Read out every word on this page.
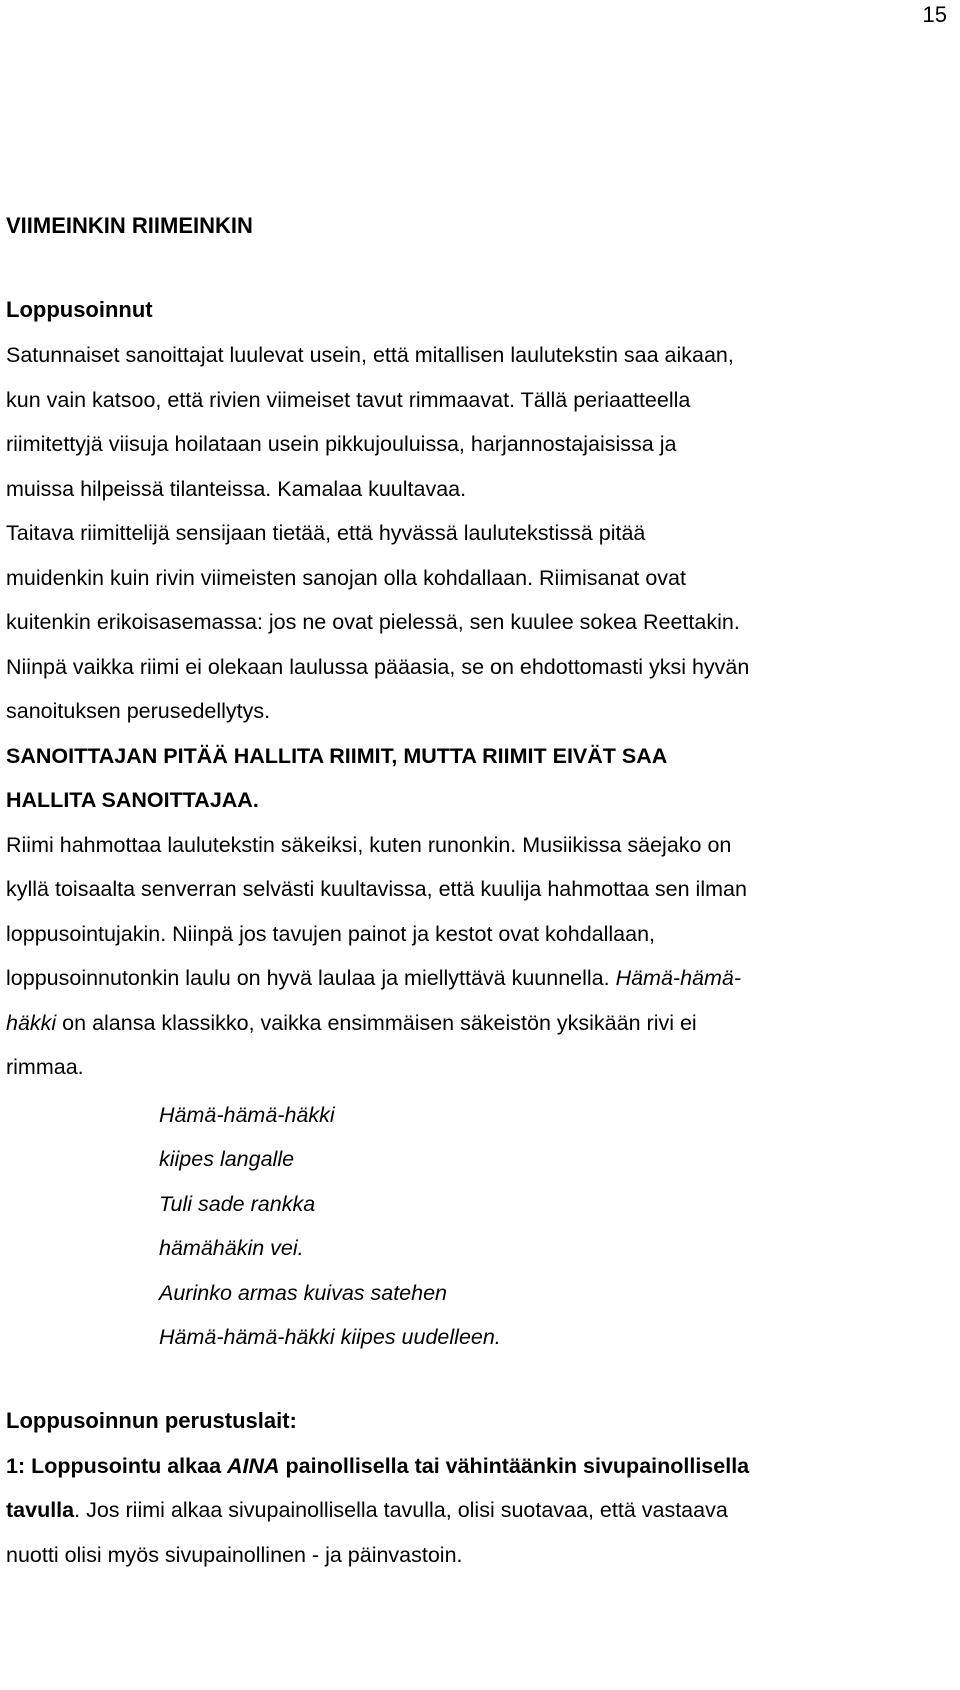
15
VIIMEINKIN RIIMEINKIN
Loppusoinnut

Satunnaiset sanoittajat luulevat usein, että mitallisen laulutekstin saa aikaan,
kun vain katsoo, että rivien viimeiset tavut rimmaavat. Tällä periaatteella
riimitettyjä viisuja hoilataan usein pikkujouluissa, harjannostajaisissa ja
muissa hilpeissä tilanteissa. Kamalaa kuultavaa.
Taitava riimittelijä sensijaan tietää, että hyvässä laulutekstissä pitää
muidenkin kuin rivin viimeisten sanojan olla kohdallaan. Riimisanat ovat
kuitenkin erikoisasemassa: jos ne ovat pielessä, sen kuulee sokea Reettakin.
Niinpä vaikka riimi ei olekaan laulussa pääasia, se on ehdottomasti yksi hyvän
sanoituksen perusedellytys.
SANOITTAJAN PITÄÄ HALLITA RIIMIT, MUTTA RIIMIT EIVÄT SAA
HALLITA SANOITTAJAA.
Riimi hahmottaa laulutekstin säkeiksi, kuten runonkin. Musiikissa säejako on
kyllä toisaalta senverran selvästi kuultavissa, että kuulija hahmottaa sen ilman
loppusointujakin. Niinpä jos tavujen painot ja kestot ovat kohdallaan,
loppusoinnutonkin laulu on hyvä laulaa ja miellyttävä kuunnella. Hämä-hämä-
häkki on alansa klassikko, vaikka ensimmäisen säkeistön yksikään rivi ei
rimmaa.

Hämä-hämä-häkki
kiipes langalle
Tuli sade rankka
hämähäkin vei.
Aurinko armas kuivas satehen
Hämä-hämä-häkki kiipes uudelleen.
Loppusoinnun perustuslait:

1: Loppusointu alkaa AINA painollisella tai vähintäänkin sivupainollisella
tavulla. Jos riimi alkaa sivupainollisella tavulla, olisi suotavaa, että vastaava
nuotti olisi myös sivupainollinen - ja päinvastoin.
